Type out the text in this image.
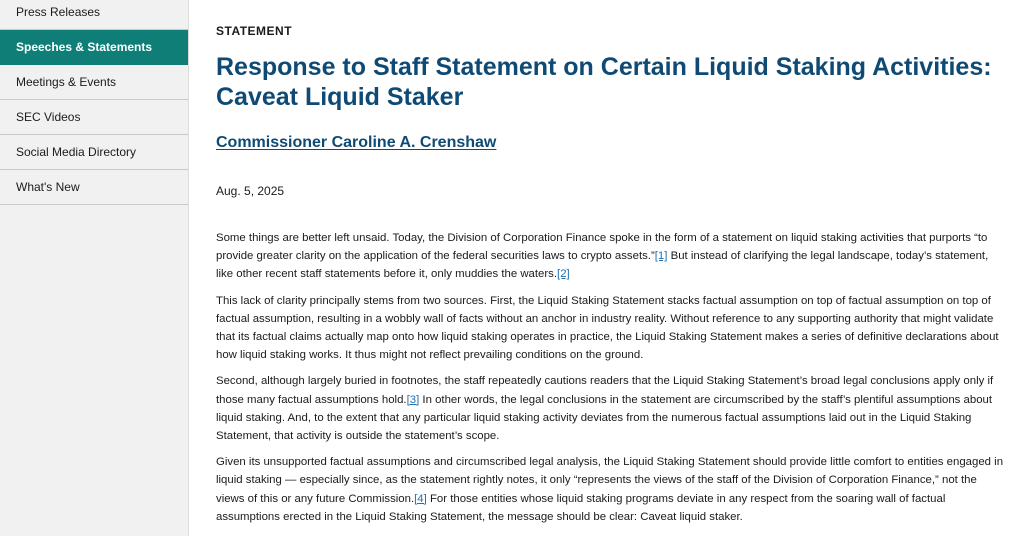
Press Releases
Speeches & Statements
Meetings & Events
SEC Videos
Social Media Directory
What's New
STATEMENT
Response to Staff Statement on Certain Liquid Staking Activities: Caveat Liquid Staker
Commissioner Caroline A. Crenshaw
Aug. 5, 2025

Some things are better left unsaid. Today, the Division of Corporation Finance spoke in the form of a statement on liquid staking activities that purports “to provide greater clarity on the application of the federal securities laws to crypto assets.”[1] But instead of clarifying the legal landscape, today’s statement, like other recent staff statements before it, only muddies the waters.[2]

This lack of clarity principally stems from two sources. First, the Liquid Staking Statement stacks factual assumption on top of factual assumption on top of factual assumption, resulting in a wobbly wall of facts without an anchor in industry reality. Without reference to any supporting authority that might validate that its factual claims actually map onto how liquid staking operates in practice, the Liquid Staking Statement makes a series of definitive declarations about how liquid staking works. It thus might not reflect prevailing conditions on the ground.

Second, although largely buried in footnotes, the staff repeatedly cautions readers that the Liquid Staking Statement’s broad legal conclusions apply only if those many factual assumptions hold.[3] In other words, the legal conclusions in the statement are circumscribed by the staff’s plentiful assumptions about liquid staking. And, to the extent that any particular liquid staking activity deviates from the numerous factual assumptions laid out in the Liquid Staking Statement, that activity is outside the statement’s scope.

Given its unsupported factual assumptions and circumscribed legal analysis, the Liquid Staking Statement should provide little comfort to entities engaged in liquid staking — especially since, as the statement rightly notes, it only “represents the views of the staff of the Division of Corporation Finance,” not the views of this or any future Commission.[4] For those entities whose liquid staking programs deviate in any respect from the soaring wall of factual assumptions erected in the Liquid Staking Statement, the message should be clear: Caveat liquid staker.
